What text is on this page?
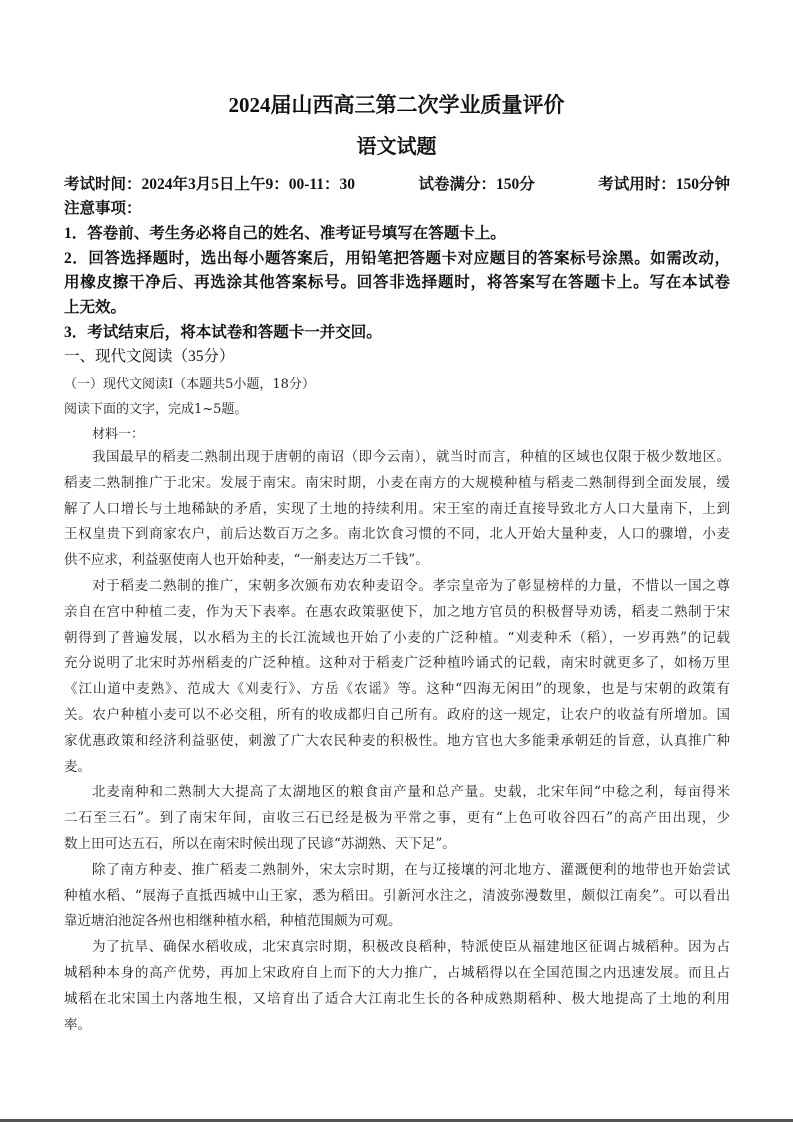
2024届山西高三第二次学业质量评价
语文试题
考试时间：2024年3月5日上午9：00-11：30	试卷满分：150分	考试用时：150分钟
注意事项：
1．答卷前、考生务必将自己的姓名、准考证号填写在答题卡上。
2．回答选择题时，选出每小题答案后，用铅笔把答题卡对应题目的答案标号涂黑。如需改动，
用橡皮擦干净后、再选涂其他答案标号。回答非选择题时，将答案写在答题卡上。写在本试卷
上无效。
3．考试结束后，将本试卷和答题卡一并交回。
一、现代文阅读（35分）
（一）现代文阅读Ⅰ（本题共5小题，18分）
阅读下面的文字，完成1~5题。
材料一：
我国最早的稻麦二熟制出现于唐朝的南诏（即今云南），就当时而言，种植的区域也仅限于极少数地区。
稻麦二熟制推广于北宋。发展于南宋。南宋时期，小麦在南方的大规模种植与稻麦二熟制得到全面发展，缓
解了人口增长与土地稀缺的矛盾，实现了土地的持续利用。宋王室的南迁直接导致北方人口大量南下，上到
王权皇贵下到商家农户，前后达数百万之多。南北饮食习惯的不同，北人开始大量种麦，人口的骤增，小麦
供不应求，利益驱使南人也开始种麦，“一斛麦达万二千钱”。
对于稻麦二熟制的推广，宋朝多次颁布劝农种麦诏令。孝宗皇帝为了彰显榜样的力量，不惜以一国之尊
亲自在宫中种植二麦，作为天下表率。在惠农政策驱使下，加之地方官员的积极督导劝诱，稻麦二熟制于宋
朝得到了普遍发展，以水稻为主的长江流域也开始了小麦的广泛种植。“刈麦种禾（稻），一岁再熟”的记载
充分说明了北宋时苏州稻麦的广泛种植。这种对于稻麦广泛种植吟诵式的记载，南宋时就更多了，如杨万里
《江山道中麦熟》、范成大《刈麦行》、方岳《农谣》等。这种“四海无闲田”的现象，也是与宋朝的政策有
关。农户种植小麦可以不必交租，所有的收成都归自己所有。政府的这一规定，让农户的收益有所增加。国
家优惠政策和经济利益驱使，刺激了广大农民种麦的积极性。地方官也大多能秉承朝廷的旨意，认真推广种
麦。
北麦南种和二熟制大大提高了太湖地区的粮食亩产量和总产量。史载，北宋年间“中稔之利，每亩得米
二石至三石”。到了南宋年间，亩收三石已经是极为平常之事，更有“上色可收谷四石”的高产田出现，少
数上田可达五石，所以在南宋时候出现了民谚“苏湖熟、天下足”。
除了南方种麦、推广稻麦二熟制外，宋太宗时期，在与辽接壤的河北地方、灌溉便利的地带也开始尝试
种植水稻、“展海子直抵西城中山王家，悉为稻田。引新河水注之，清波弥漫数里，颇似江南矣”。可以看出
靠近塘泊池淀各州也相继种植水稻，种植范围颇为可观。
为了抗旱、确保水稻收成，北宋真宗时期，积极改良稻种，特派使臣从福建地区征调占城稻种。因为占
城稻种本身的高产优势，再加上宋政府自上而下的大力推广，占城稻得以在全国范围之内迅速发展。而且占
城稻在北宋国土内落地生根，又培育出了适合大江南北生长的各种成熟期稻种、极大地提高了土地的利用
率。
